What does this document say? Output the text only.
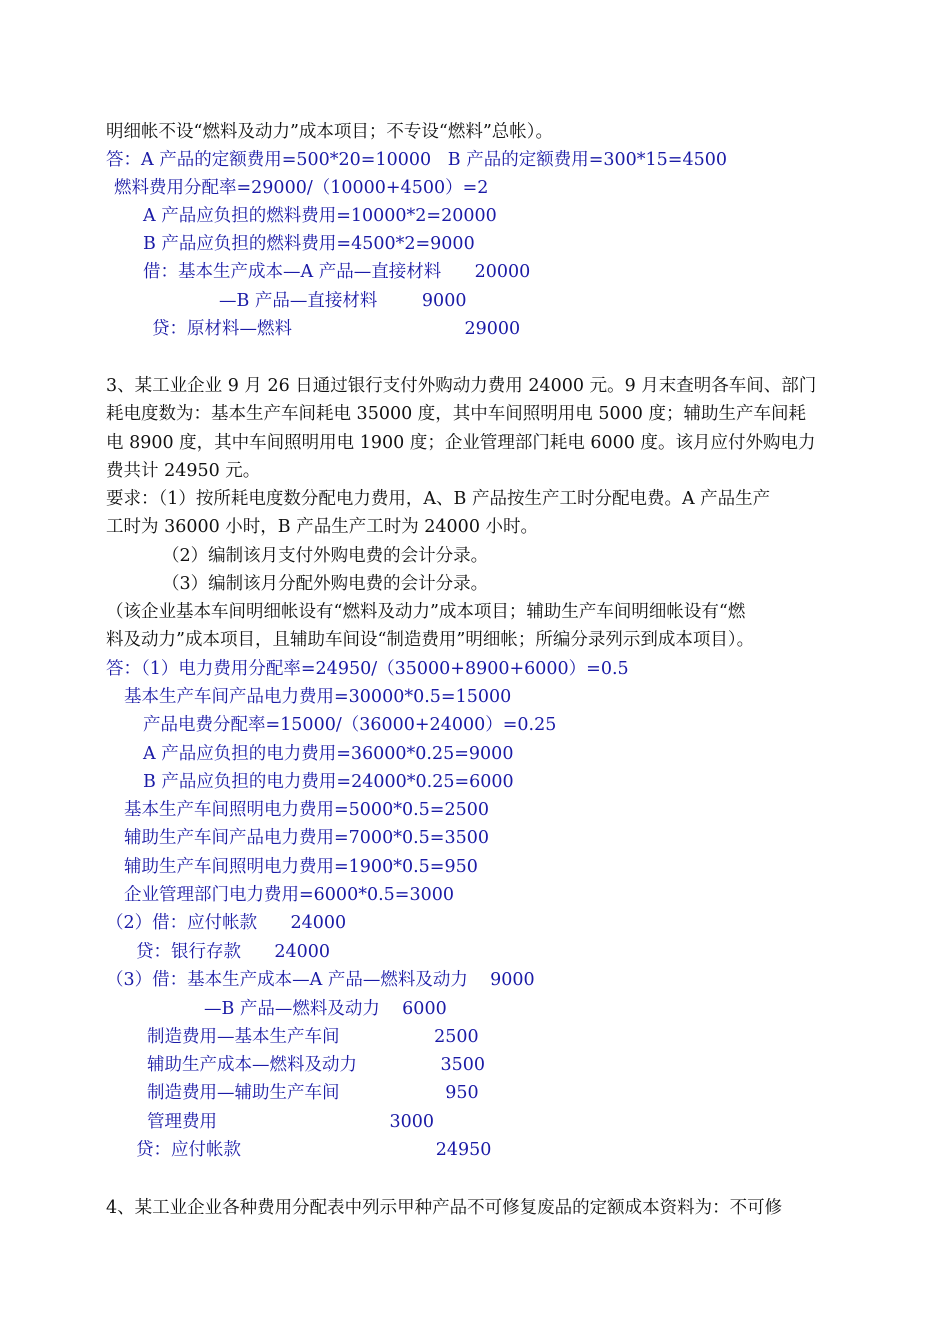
明细帐不设“燃料及动力”成本项目；不专设“燃料”总帐）。
答：A 产品的定额费用=500*20=10000   B 产品的定额费用=300*15=4500
燃料费用分配率=29000/（10000+4500）=2
A 产品应负担的燃料费用=10000*2=20000
B 产品应负担的燃料费用=4500*2=9000
借：基本生产成本—A 产品—直接材料      20000
—B 产品—直接材料        9000
贷：原材料—燃料                               29000
3、某工业企业 9 月 26 日通过银行支付外购动力费用 24000 元。9 月末查明各车间、部门
耗电度数为：基本生产车间耗电 35000 度，其中车间照明用电 5000 度；辅助生产车间耗
电 8900 度，其中车间照明用电 1900 度；企业管理部门耗电 6000 度。该月应付外购电力
费共计 24950 元。
要求：（1）按所耗电度数分配电力费用，A、B 产品按生产工时分配电费。A 产品生产
工时为 36000 小时，B 产品生产工时为 24000 小时。
（2）编制该月支付外购电费的会计分录。
（3）编制该月分配外购电费的会计分录。
（该企业基本车间明细帐设有“燃料及动力”成本项目；辅助生产车间明细帐设有“燃
料及动力”成本项目，且辅助车间设“制造费用”明细帐；所编分录列示到成本项目）。
答：（1）电力费用分配率=24950/（35000+8900+6000）=0.5
基本生产车间产品电力费用=30000*0.5=15000
产品电费分配率=15000/（36000+24000）=0.25
A 产品应负担的电力费用=36000*0.25=9000
B 产品应负担的电力费用=24000*0.25=6000
基本生产车间照明电力费用=5000*0.5=2500
辅助生产车间产品电力费用=7000*0.5=3500
辅助生产车间照明电力费用=1900*0.5=950
企业管理部门电力费用=6000*0.5=3000
（2）借：应付帐款      24000
贷：银行存款      24000
（3）借：基本生产成本—A 产品—燃料及动力    9000
—B 产品—燃料及动力    6000
制造费用—基本生产车间                 2500
辅助生产成本—燃料及动力               3500
制造费用—辅助生产车间                   950
管理费用                               3000
贷：应付帐款                                   24950
4、某工业企业各种费用分配表中列示甲种产品不可修复废品的定额成本资料为：不可修
